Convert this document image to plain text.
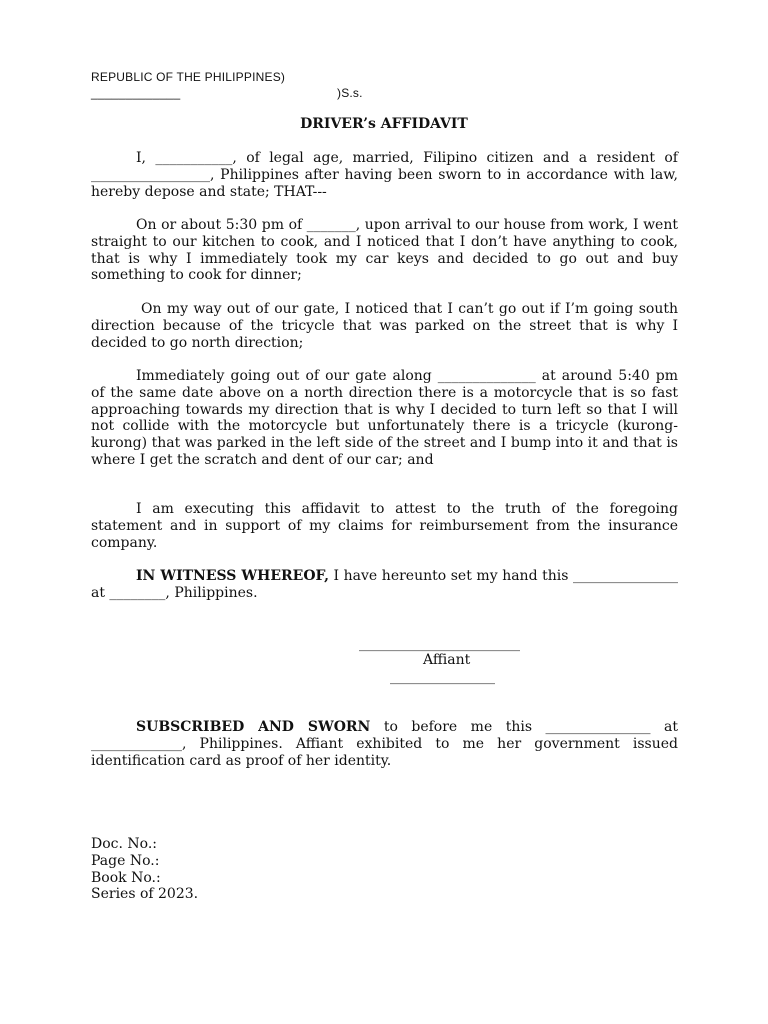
REPUBLIC OF THE PHILIPPINES)
_____________	)S.s.
DRIVER’s AFFIDAVIT
I, ___________, of legal age, married, Filipino citizen and a resident of _________________, Philippines after having been sworn to in accordance with law, hereby depose and state; THAT---
On or about 5:30 pm of _______, upon arrival to our house from work, I went straight to our kitchen to cook, and I noticed that I don’t have anything to cook, that is why I immediately took my car keys and decided to go out and buy something to cook for dinner;
On my way out of our gate, I noticed that I can’t go out if I’m going south direction because of the tricycle that was parked on the street that is why I decided to go north direction;
Immediately going out of our gate along ______________ at around 5:40 pm of the same date above on a north direction there is a motorcycle that is so fast approaching towards my direction that is why I decided to turn left so that I will not collide with the motorcycle but unfortunately there is a tricycle (kurong-kurong) that was parked in the left side of the street and I bump into it and that is where I get the scratch and dent of our car; and
I am executing this affidavit to attest to the truth of the foregoing statement and in support of my claims for reimbursement from the insurance company.
IN WITNESS WHEREOF, I have hereunto set my hand this _______________ at ________, Philippines.
_______________________
Affiant
_______________
SUBSCRIBED AND SWORN to before me this _______________ at _____________, Philippines. Affiant exhibited to me her government issued identification card as proof of her identity.
Doc. No.:
Page No.:
Book No.:
Series of 2023.
